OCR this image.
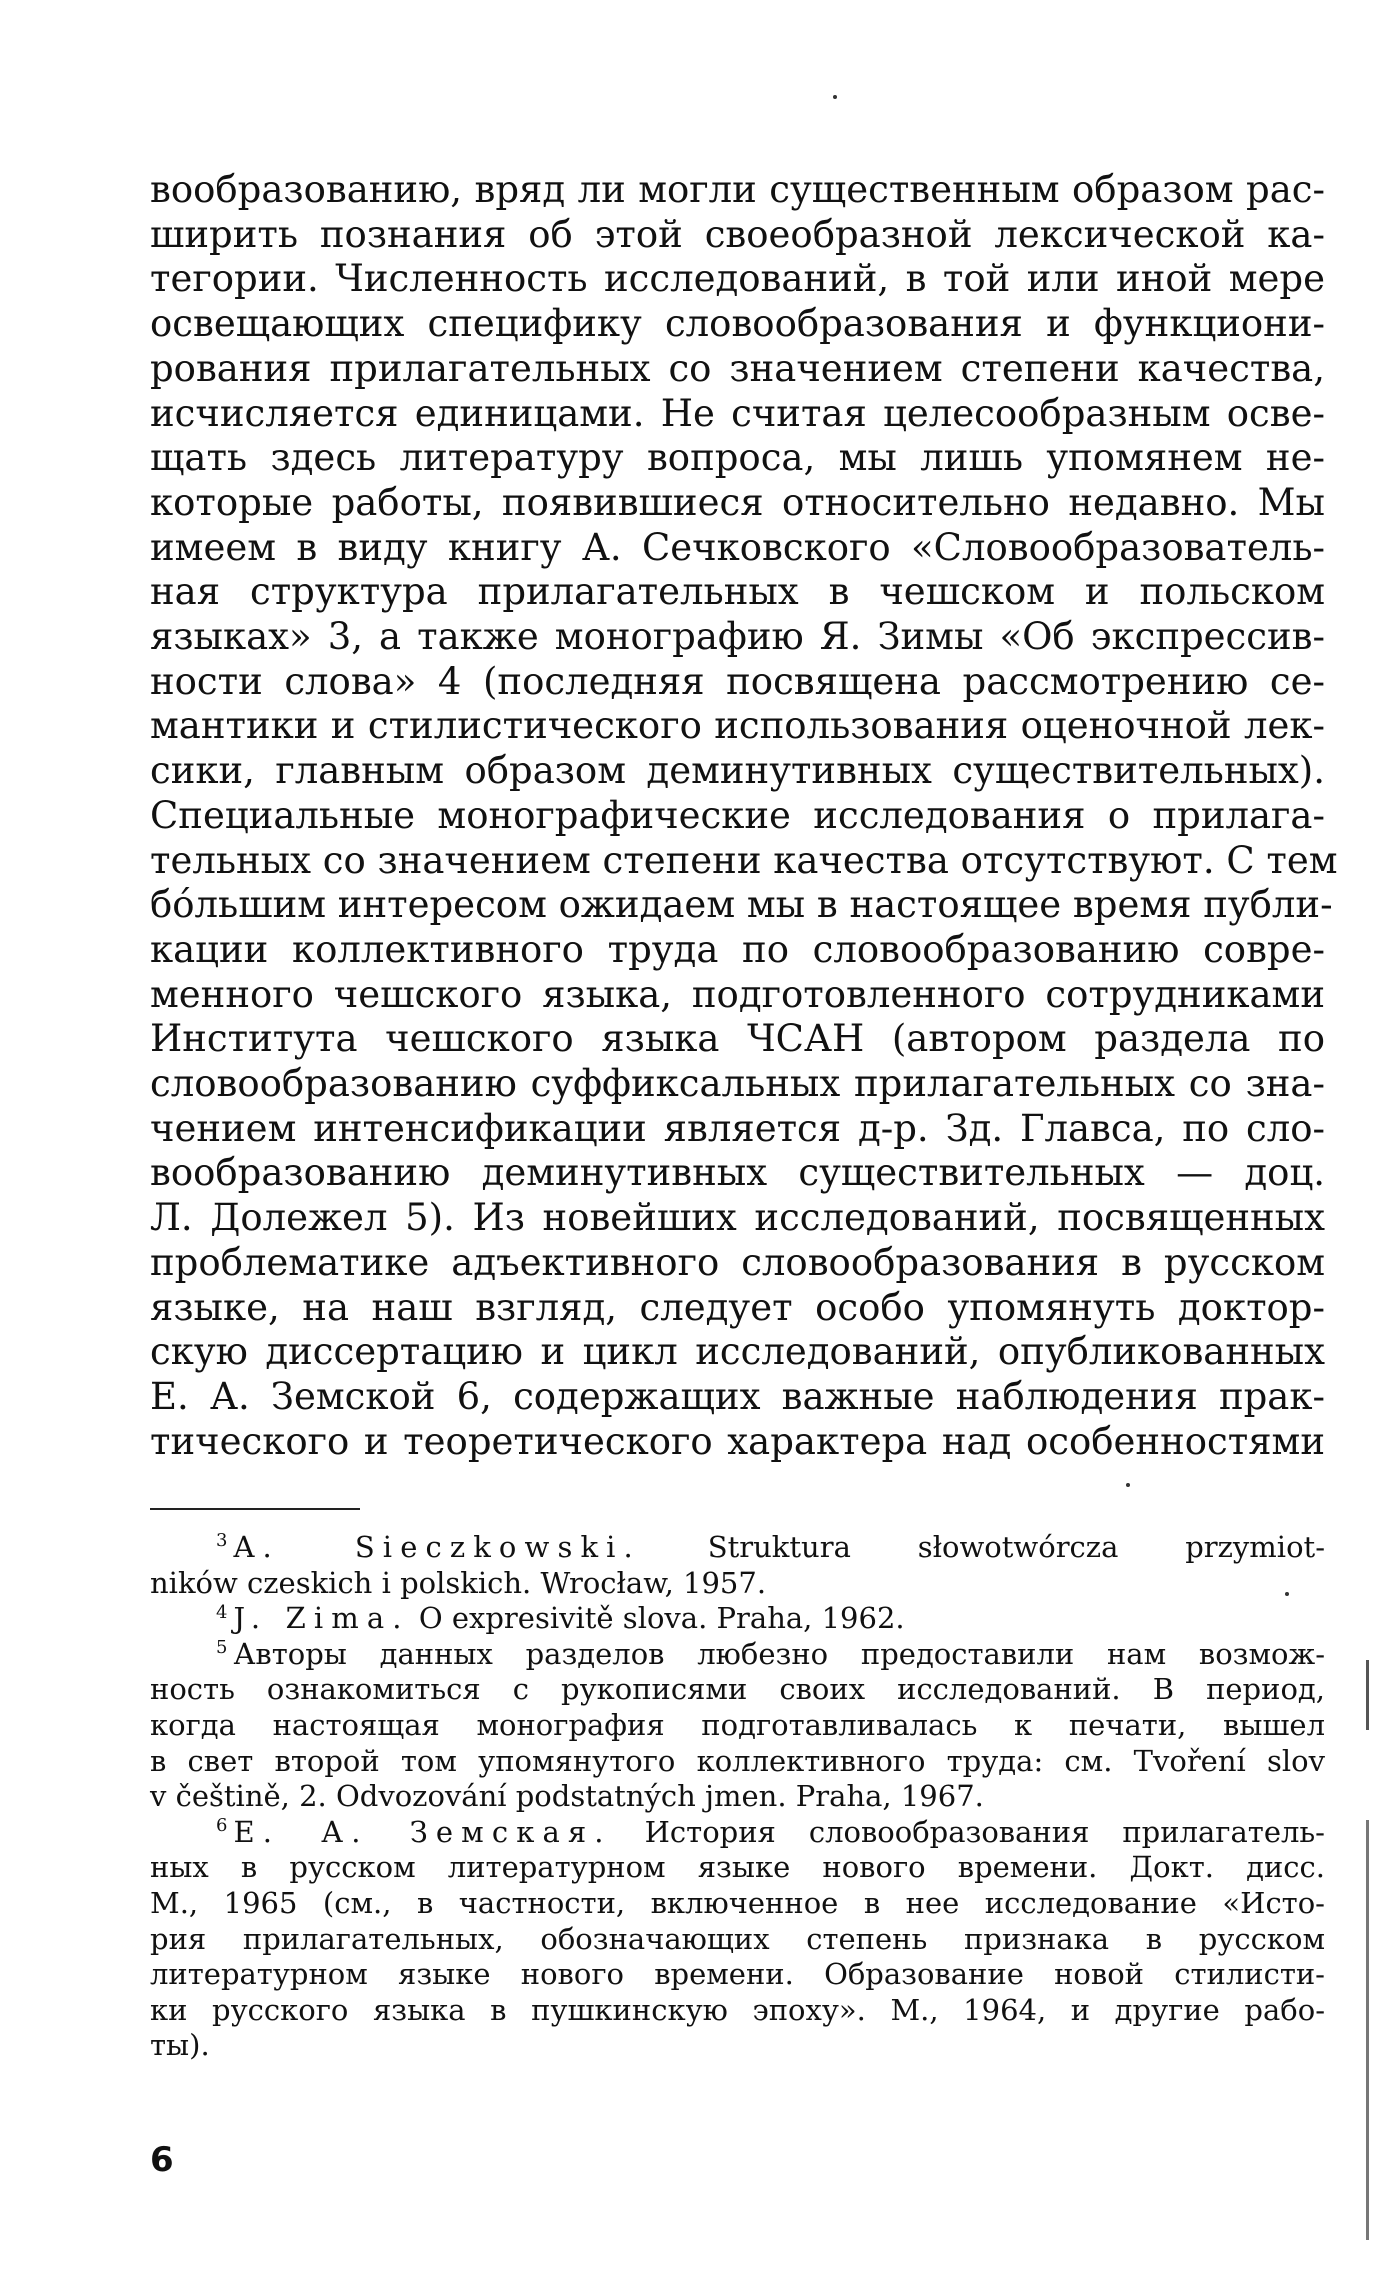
вообразованию, вряд ли могли существенным образом рас-
ширить познания об этой своеобразной лексической ка-
тегории. Численность исследований, в той или иной мере
освещающих специфику словообразования и функциони-
рования прилагательных со значением степени качества,
исчисляется единицами. Не считая целесообразным осве-
щать здесь литературу вопроса, мы лишь упомянем не-
которые работы, появившиеся относительно недавно. Мы
имеем в виду книгу А. Сечковского «Словообразователь-
ная структура прилагательных в чешском и польском
языках» 3, а также монографию Я. Зимы «Об экспрессив-
ности слова» 4 (последняя посвящена рассмотрению се-
мантики и стилистического использования оценочной лек-
сики, главным образом деминутивных существительных).
Специальные монографические исследования о прилага-
тельных со значением степени качества отсутствуют. С тем
бóльшим интересом ожидаем мы в настоящее время публи-
кации коллективного труда по словообразованию совре-
менного чешского языка, подготовленного сотрудниками
Института чешского языка ЧСАН (автором раздела по
словообразованию суффиксальных прилагательных со зна-
чением интенсификации является д-р. Зд. Главса, по сло-
вообразованию деминутивных существительных — доц.
Л. Долежел 5). Из новейших исследований, посвященных
проблематике адъективного словообразования в русском
языке, на наш взгляд, следует особо упомянуть доктор-
скую диссертацию и цикл исследований, опубликованных
Е. А. Земской 6, содержащих важные наблюдения прак-
тического и теоретического характера над особенностями
$^3$ A. Sieczkowski. Struktura słowotwórcza przymiot-
ników czeskich i polskich. Wrocław, 1957.
$^4$ J. Zima. O expresivitě slova. Praha, 1962.
$^5$ Авторы данных разделов любезно предоставили нам возмож-
ность ознакомиться с рукописями своих исследований. В период,
когда настоящая монография подготавливалась к печати, вышел
в свет второй том упомянутого коллективного труда: см. Tvoření slov
v češtině, 2. Odvozování podstatných jmen. Praha, 1967.
$^6$ Е. А. Земская. История словообразования прилагатель-
ных в русском литературном языке нового времени. Докт. дисс.
М., 1965 (см., в частности, включенное в нее исследование «Исто-
рия прилагательных, обозначающих степень признака в русском
литературном языке нового времени. Образование новой стилисти-
ки русского языка в пушкинскую эпоху». М., 1964, и другие рабо-
ты).
6
